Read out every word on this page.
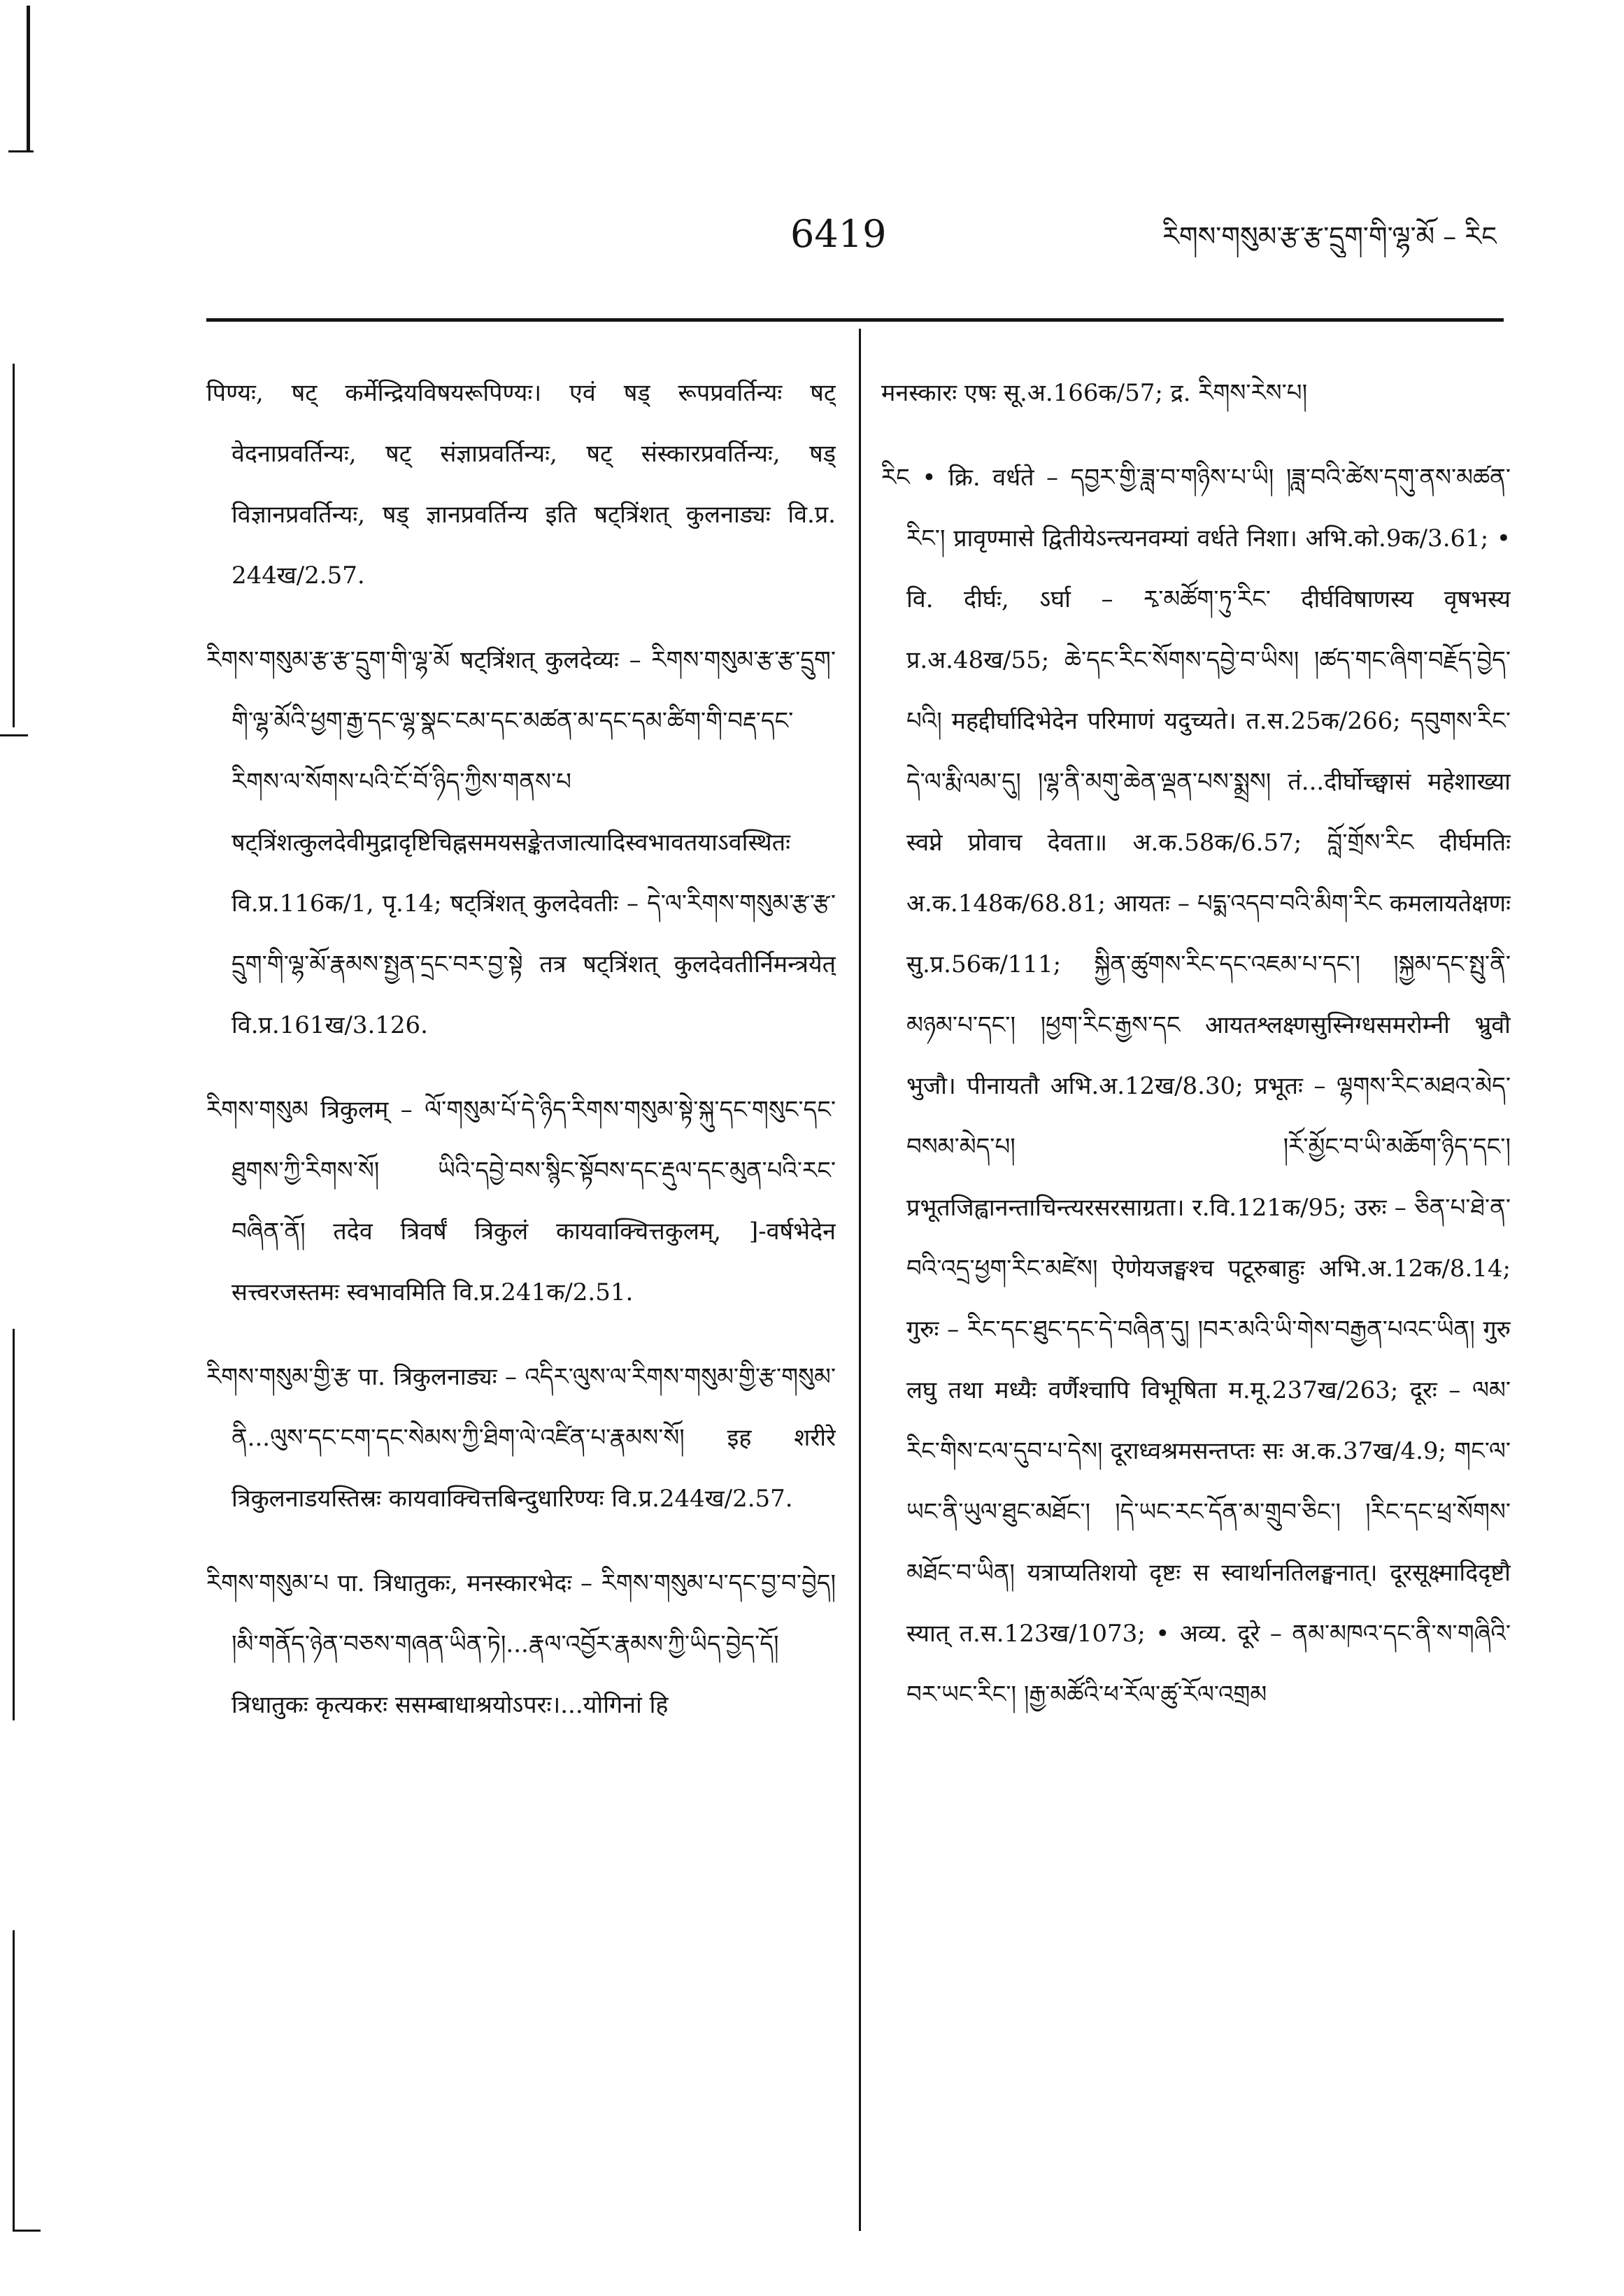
6419	རིགས་གསུམ་རྩ་རྩ་དྲུག་གི་ལྷ་མོ – རིང

पिण्यः, षट् कर्मेन्द्रियविषयरूपिण्यः। एवं षड् रूपप्रवर्तिन्यः षट् वेदनाप्रवर्तिन्यः, षट् संज्ञाप्रवर्तिन्यः, षट् संस्कारप्रवर्तिन्यः, षड् विज्ञानप्रवर्तिन्यः, षड् ज्ञानप्रवर्तिन्य इति षट्त्रिंशत् कुलनाड्यः वि.प्र. 244ख/2.57.

རིགས་གསུམ་རྩ་རྩ་དྲུག་གི་ལྷ་མོ षट्त्रिंशत् कुलदेव्यः – རིགས་གསུམ་རྩ་རྩ་དྲུག་གི་ལྷ་མོའི་ཕྱག་རྒྱ་དང་ལྷ་སྣང་ངམ་དང་མཚན་མ་དང་དམ་ཚིག་གི་བརྡ་དང་རིགས་ལ་སོགས་པའི་ངོ་བོ་ཉིད་ཀྱིས་གནས་པ षट्त्रिंशत्कुलदेवीमुद्रादृष्टिचिह्नसमयसङ्केतजात्यादिस्वभावतयाऽवस्थितः वि.प्र.116क/1, पृ.14; षट्त्रिंशत् कुलदेवतीः – དེ་ལ་རིགས་གསུམ་རྩ་རྩ་དྲུག་གི་ལྷ་མོ་རྣམས་སྤྱན་དྲང་བར་བྱ་སྟེ तत्र षट्त्रिंशत् कुलदेवतीर्निमन्त्रयेत् वि.प्र.161ख/3.126.

རིགས་གསུམ त्रिकुलम् – ལོ་གསུམ་པོ་དེ་ཉིད་རིགས་གསུམ་སྟེ་སྐུ་དང་གསུང་དང་ཐུགས་ཀྱི་རིགས་སོ། ཡིའི་དབྱེ་བས་སྙིང་སྟོབས་དང་རྡུལ་དང་མུན་པའི་རང་བཞིན་ནོ། तदेव त्रिवर्षं त्रिकुलं कायवाक्चित्तकुलम्, ]-वर्षभेदेन सत्त्वरजस्तमः स्वभावमिति वि.प्र.241क/2.51.

རིགས་གསུམ་གྱི་རྩ पा. त्रिकुलनाड्यः – འདིར་ལུས་ལ་རིགས་གསུམ་གྱི་རྩ་གསུམ་ནི...ལུས་དང་ངག་དང་སེམས་ཀྱི་ཐིག་ལེ་འཛིན་པ་རྣམས་སོ། इह शरीरे त्रिकुलनाडयस्तिस्रः कायवाक्चित्तबिन्दुधारिण्यः वि.प्र.244ख/2.57.

རིགས་གསུམ་པ पा. त्रिधातुकः, मनस्कारभेदः – རིགས་གསུམ་པ་དང་བྱ་བ་བྱེད། །མི་གནོད་ཉེན་བཅས་གཞན་ཡིན་ཏེ།...རྣལ་འབྱོར་རྣམས་ཀྱི་ཡིད་བྱེད་དོ། त्रिधातुकः कृत्यकरः ससम्बाधाश्रयोऽपरः।...योगिनां हि

मनस्कारः एषः सू.अ.166क/57; द्र. རིགས་རེས་པ།

རིང • क्रि. वर्धते – དབྱར་གྱི་ཟླ་བ་གཉིས་པ་ཡི། །ཟླ་བའི་ཚེས་དགུ་ནས་མཚན་རིང་། प्रावृण्मासे द्वितीयेऽन्त्यनवम्यां वर्धते निशा। अभि.को.9क/3.61; • वि. दीर्घः, ऽर्घा – རྭ་མཚོག་ཏུ་རིང་ दीर्घविषाणस्य वृषभस्य प्र.अ.48ख/55; ཆེ་དང་རིང་སོགས་དབྱེ་བ་ཡིས། །ཚད་གང་ཞིག་བརྗོད་བྱེད་པའི། महद्दीर्घादिभेदेन परिमाणं यदुच्यते। त.स.25क/266; དབུགས་རིང་དེ་ལ་རྨི་ལམ་དུ། །ལྷ་ནི་མགུ་ཆེན་ལྡན་པས་སྨྲས། तं...दीर्घोच्छ्वासं महेशाख्या स्वप्ने प्रोवाच देवता॥ अ.क.58क/6.57; བློ་གྲོས་རིང दीर्घमतिः अ.क.148क/68.81; आयतः – པདྨ་འདབ་བའི་མིག་རིང कमलायतेक्षणः सु.प्र.56क/111; སྐྱིན་ཚུགས་རིང་དང་འཇམ་པ་དང་། །སྐྱམ་དང་སྤུ་ནི་མཉམ་པ་དང་། །ཕྱག་རིང་རྒྱས་དང आयतश्लक्ष्णसुस्निग्धसमरोम्नी भ्रुवौ भुजौ। पीनायतौ अभि.अ.12ख/8.30; प्रभूतः – ལྷགས་རིང་མཐའ་མེད་བསམ་མེད་པ། །རོ་མྱོང་བ་ཡི་མཆོག་ཉིད་དང་། प्रभूतजिह्वानन्ताचिन्त्यरसरसाग्रता। र.वि.121क/95; उरुः – ཅིན་པ་ཐེ་ན་བའི་འདྲ་ཕྱག་རིང་མཛེས། ऐणेयजङ्घश्च पटूरुबाहुः अभि.अ.12क/8.14; गुरुः – རིང་དང་ཐུང་དང་དེ་བཞིན་དུ། །བར་མའི་ཡི་གེས་བརྒྱན་པའང་ཡིན། गुरु लघु तथा मध्यैः वर्णैश्चापि विभूषिता म.मू.237ख/263; दूरः – ལམ་རིང་གིས་ངལ་དུབ་པ་དེས། दूराध्वश्रमसन्तप्तः सः अ.क.37ख/4.9; གང་ལ་ཡང་ནི་ཡུལ་ཐུང་མཐོང་། །དེ་ཡང་རང་དོན་མ་གྲུབ་ཅིང་། །རིང་དང་ཕྲ་སོགས་མཐོང་བ་ཡིན། यत्राप्यतिशयो दृष्टः स स्वार्थानतिलङ्घनात्। दूरसूक्ष्मादिदृष्टौ स्यात् त.स.123ख/1073; • अव्य. दूरे – ནམ་མཁའ་དང་ནི་ས་གཞིའི་བར་ཡང་རིང་། །རྒྱ་མཚོའི་ཕ་རོལ་ཚུ་རོལ་འགྲམ
